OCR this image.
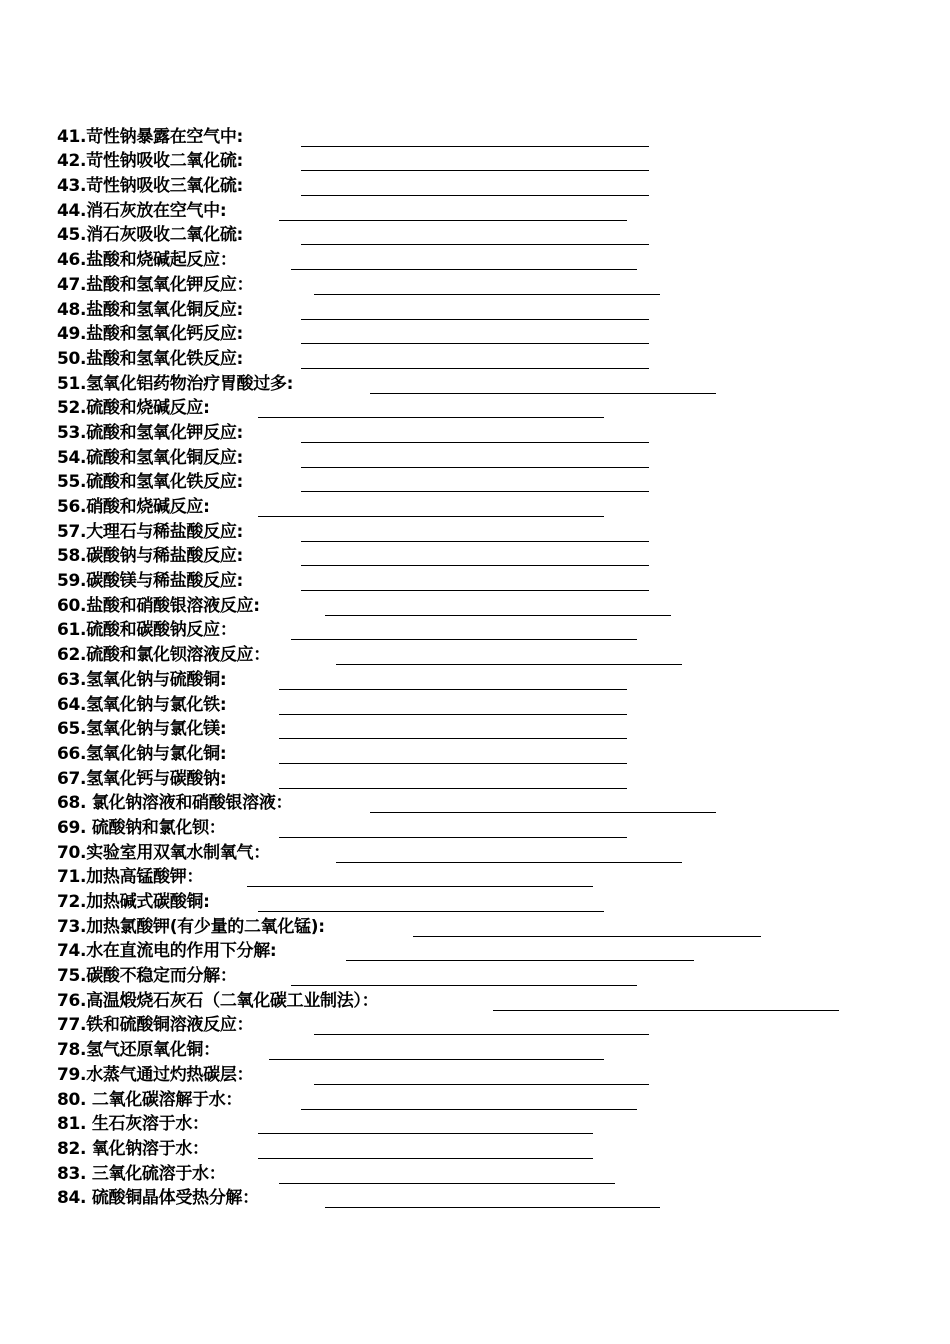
41.苛性钠暴露在空气中:
42.苛性钠吸收二氧化硫:
43.苛性钠吸收三氧化硫:
44.消石灰放在空气中:
45.消石灰吸收二氧化硫:
46.盐酸和烧碱起反应：
47.盐酸和氢氧化钾反应：
48.盐酸和氢氧化铜反应:
49.盐酸和氢氧化钙反应:
50.盐酸和氢氧化铁反应:
51.氢氧化铝药物治疗胃酸过多:
52.硫酸和烧碱反应:
53.硫酸和氢氧化钾反应:
54.硫酸和氢氧化铜反应:
55.硫酸和氢氧化铁反应:
56.硝酸和烧碱反应:
57.大理石与稀盐酸反应:
58.碳酸钠与稀盐酸反应:
59.碳酸镁与稀盐酸反应:
60.盐酸和硝酸银溶液反应:
61.硫酸和碳酸钠反应：
62.硫酸和氯化钡溶液反应：
63.氢氧化钠与硫酸铜:
64.氢氧化钠与氯化铁:
65.氢氧化钠与氯化镁:
66.氢氧化钠与氯化铜:
67.氢氧化钙与碳酸钠:
68. 氯化钠溶液和硝酸银溶液：
69. 硫酸钠和氯化钡：
70.实验室用双氧水制氧气：
71.加热高锰酸钾：
72.加热碱式碳酸铜:
73.加热氯酸钾(有少量的二氧化锰):
74.水在直流电的作用下分解:
75.碳酸不稳定而分解：
76.高温煅烧石灰石（二氧化碳工业制法）：
77.铁和硫酸铜溶液反应：
78.氢气还原氧化铜：
79.水蒸气通过灼热碳层：
80. 二氧化碳溶解于水：
81. 生石灰溶于水：
82. 氧化钠溶于水：
83. 三氧化硫溶于水：
84. 硫酸铜晶体受热分解：
